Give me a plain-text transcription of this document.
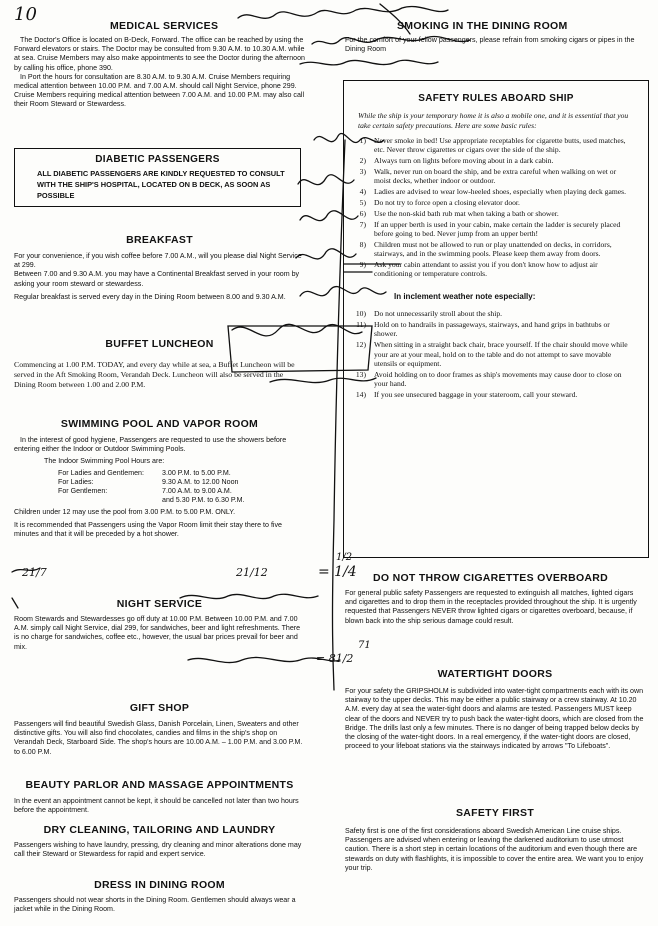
10

MEDICAL SERVICES

The Doctor's Office is located on B-Deck, Forward. The office can be reached by using the Forward elevators or stairs. The Doctor may be consulted from 9.30 A.M. to 10.30 A.M. while at sea. Cruise Members may also make appointments to see the Doctor during the afternoon by calling his office, phone 390.

In Port the hours for consultation are 8.30 A.M. to 9.30 A.M. Cruise Members requiring medical attention between 10.00 P.M. and 7.00 A.M. should call Night Service, phone 299. Cruise Members requiring medical attention between 7.00 A.M. and 10.00 P.M. may also call their Room Steward or Stewardess.

DIABETIC PASSENGERS

ALL DIABETIC PASSENGERS ARE KINDLY REQUESTED TO CONSULT WITH THE SHIP'S HOSPITAL, LOCATED ON B DECK, AS SOON AS POSSIBLE

BREAKFAST

For your convenience, if you wish coffee before 7.00 A.M., will you please dial Night Service at 299.

Between 7.00 and 9.30 A.M. you may have a Continental Breakfast served in your room by asking your room steward or stewardess.

Regular breakfast is served every day in the Dining Room between 8.00 and 9.30 A.M.

BUFFET LUNCHEON

Commencing at 1.00 P.M. TODAY, and every day while at sea, a Buffet Luncheon will be served in the Aft Smoking Room, Verandah Deck. Luncheon will also be served in the Dining Room between 1.00 and 2.00 P.M.

SWIMMING POOL AND VAPOR ROOM

In the interest of good hygiene, Passengers are requested to use the showers before entering either the Indoor or Outdoor Swimming Pools.

The Indoor Swimming Pool Hours are:

For Ladies and Gentlemen:	3.00 P.M. to 5.00 P.M.
For Ladies:	9.30 A.M. to 12.00 Noon
For Gentlemen:	7.00 A.M. to 9.00 A.M.
	and 5.30 P.M. to 6.30 P.M.

Children under 12 may use the pool from 3.00 P.M. to 5.00 P.M. ONLY.

It is recommended that Passengers using the Vapor Room limit their stay there to five minutes and that it will be preceded by a hot shower.

NIGHT SERVICE

Room Stewards and Stewardesses go off duty at 10.00 P.M. Between 10.00 P.M. and 7.00 A.M. simply call Night Service, dial 299, for sandwiches, beer and light refreshments. There is no charge for sandwiches, coffee etc., however, the usual bar prices prevail for beer and mix.

GIFT SHOP

Passengers will find beautiful Swedish Glass, Danish Porcelain, Linen, Sweaters and other distinctive gifts. You will also find chocolates, candies and films in the ship's shop on Verandah Deck, Starboard Side. The shop's hours are 10.00 A.M. – 1.00 P.M. and 3.00 P.M. to 6.00 P.M.

BEAUTY PARLOR AND MASSAGE APPOINTMENTS

In the event an appointment cannot be kept, it should be cancelled not later than two hours before the appointment.

DRY CLEANING, TAILORING AND LAUNDRY

Passengers wishing to have laundry, pressing, dry cleaning and minor alterations done may call their Steward or Stewardess for rapid and expert service.

DRESS IN DINING ROOM

Passengers should not wear shorts in the Dining Room. Gentlemen should always wear a jacket while in the Dining Room.

SMOKING IN THE DINING ROOM

For the comfort of your fellow passengers, please refrain from smoking cigars or pipes in the Dining Room

SAFETY RULES ABOARD SHIP

While the ship is your temporary home it is also a mobile one, and it is essential that you take certain safety precautions. Here are some basic rules:

1)	Never smoke in bed! Use appropriate receptables for cigarette butts, used matches, etc. Never throw cigarettes or cigars over the side of the ship.
2)	Always turn on lights before moving about in a dark cabin.
3)	Walk, never run on board the ship, and be extra careful when walking on wet or moist decks, whether indoor or outdoor.
4)	Ladies are advised to wear low-heeled shoes, especially when playing deck games.
5)	Do not try to force open a closing elevator door.
6)	Use the non-skid bath rub mat when taking a bath or shower.
7)	If an upper berth is used in your cabin, make certain the ladder is securely placed before going to bed. Never jump from an upper berth!
8)	Children must not be allowed to run or play unattended on decks, in corridors, stairways, and in the swimming pools. Please keep them away from doors.
9)	Ask your cabin attendant to assist you if you don't know how to adjust air conditioning or temperature controls.

In inclement weather note especially:

10)	Do not unnecessarily stroll about the ship.
11)	Hold on to handrails in passageways, stairways, and hand grips in bathtubs or shower.
12)	When sitting in a straight back chair, brace yourself. If the chair should move while your are at your meal, hold on to the table and do not attempt to save movable utensils or equipment.
13)	Avoid holding on to door frames as ship's movements may cause door to close on your hand.
14)	If you see unsecured baggage in your stateroom, call your steward.

DO NOT THROW CIGARETTES OVERBOARD

For general public safety Passengers are requested to extinguish all matches, lighted cigars and cigarettes and to drop them in the receptacles provided throughout the ship. It is urgently requested that Passengers NEVER throw lighted cigars or cigarettes overboard, because, if blown back into the ship serious damage could result.

WATERTIGHT DOORS

For your safety the GRIPSHOLM is subdivided into water-tight compartments each with its own stairway to the upper decks. This may be either a public stairway or a crew stairway. At 10.20 A.M. every day at sea the water-tight doors and alarms are tested. Passengers MUST keep clear of the doors and NEVER try to push back the water-tight doors, which are closed from the Bridge. The drills last only a few minutes. There is no danger of being trapped below decks by the closing of the water-tight doors. In a real emergency, if the water-tight doors are closed, proceed to your lifeboat stations via the stairways indicated by arrows "To Lifeboats".

SAFETY FIRST

Safety first is one of the first considerations aboard Swedish American Line cruise ships. Passengers are advised when entering or leaving the darkened auditorium to use utmost caution. There is a short step in certain locations of the auditorium and even though there are stewards on duty with flashlights, it is impossible to cover the entire area. We want you to enjoy your trip.

21/7	21/12	= 1/4
1/2
71
= 81/2
